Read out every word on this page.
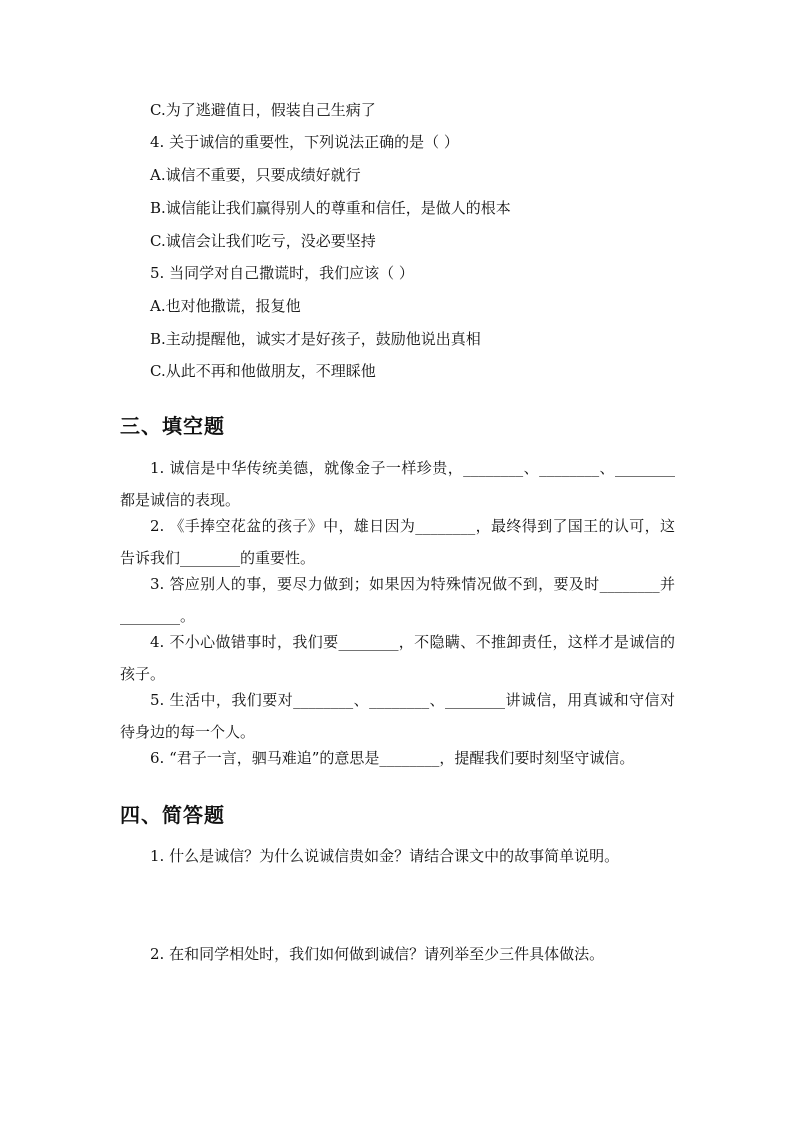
C.为了逃避值日，假装自己生病了
4. 关于诚信的重要性，下列说法正确的是（ ）
A.诚信不重要，只要成绩好就行
B.诚信能让我们赢得别人的尊重和信任，是做人的根本
C.诚信会让我们吃亏，没必要坚持
5. 当同学对自己撒谎时，我们应该（ ）
A.也对他撒谎，报复他
B.主动提醒他，诚实才是好孩子，鼓励他说出真相
C.从此不再和他做朋友，不理睬他
三、填空题
1. 诚信是中华传统美德，就像金子一样珍贵，________、________、________都是诚信的表现。
2. 《手捧空花盆的孩子》中，雄日因为________，最终得到了国王的认可，这告诉我们________的重要性。
3. 答应别人的事，要尽力做到；如果因为特殊情况做不到，要及时________并________。
4. 不小心做错事时，我们要________，不隐瞒、不推卸责任，这样才是诚信的孩子。
5. 生活中，我们要对________、________、________讲诚信，用真诚和守信对待身边的每一个人。
6. “君子一言，驷马难追”的意思是________，提醒我们要时刻坚守诚信。
四、简答题
1. 什么是诚信？为什么说诚信贵如金？请结合课文中的故事简单说明。
2. 在和同学相处时，我们如何做到诚信？请列举至少三件具体做法。
